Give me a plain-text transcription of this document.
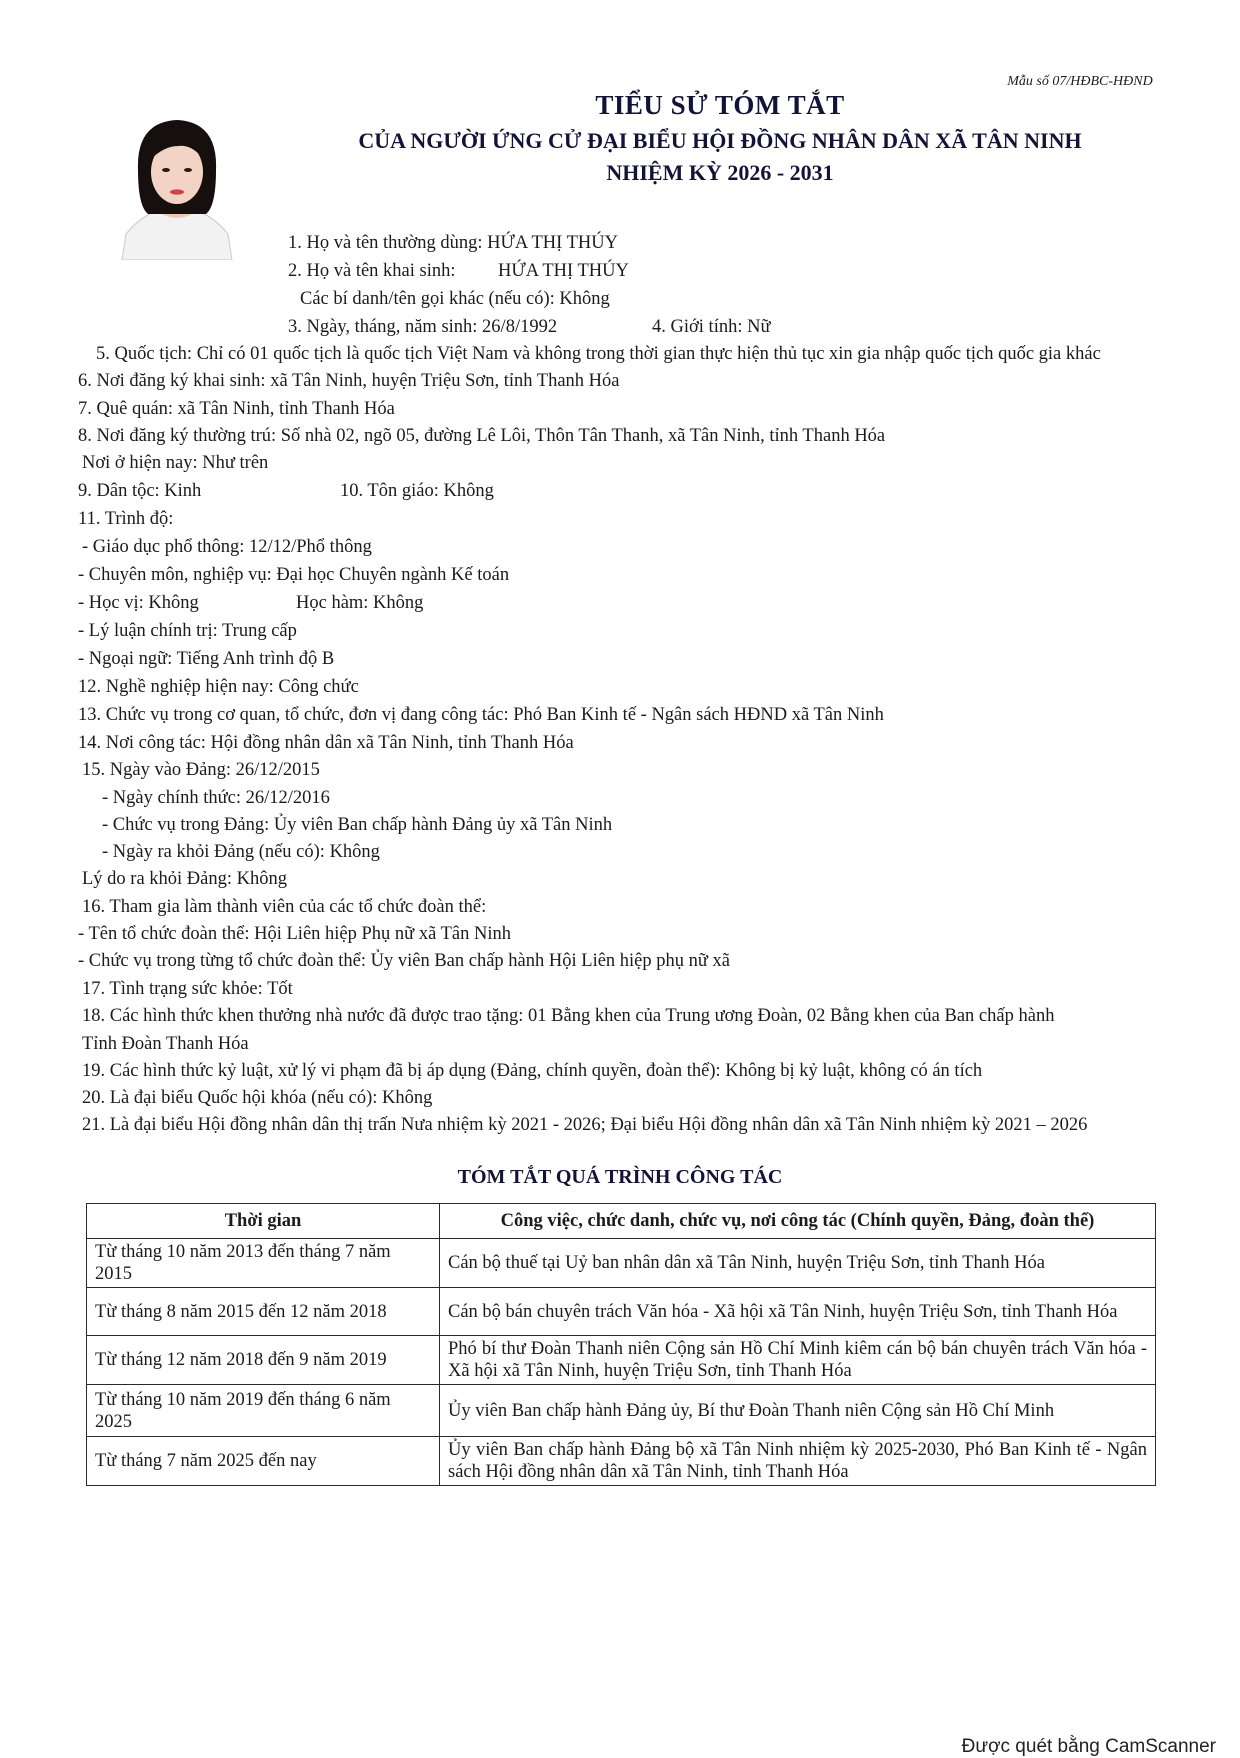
Mẫu số 07/HĐBC-HĐND
TIỂU SỬ TÓM TẮT
CỦA NGƯỜI ỨNG CỬ ĐẠI BIỂU HỘI ĐỒNG NHÂN DÂN XÃ TÂN NINH
NHIỆM KỲ 2026 - 2031
1. Họ và tên thường dùng: HỨA THỊ THÚY
2. Họ và tên khai sinh: HỨA THỊ THÚY
Các bí danh/tên gọi khác (nếu có): Không
3. Ngày, tháng, năm sinh: 26/8/1992	4. Giới tính: Nữ
5. Quốc tịch: Chỉ có 01 quốc tịch là quốc tịch Việt Nam và không trong thời gian thực hiện thủ tục xin gia nhập quốc tịch quốc gia khác
6. Nơi đăng ký khai sinh: xã Tân Ninh, huyện Triệu Sơn, tỉnh Thanh Hóa
7. Quê quán: xã Tân Ninh, tỉnh Thanh Hóa
8. Nơi đăng ký thường trú: Số nhà 02, ngõ 05, đường Lê Lôi, Thôn Tân Thanh, xã Tân Ninh, tỉnh Thanh Hóa
Nơi ở hiện nay: Như trên
9. Dân tộc: Kinh	10. Tôn giáo: Không
11. Trình độ:
- Giáo dục phổ thông: 12/12/Phổ thông
- Chuyên môn, nghiệp vụ: Đại học Chuyên ngành Kế toán
- Học vị: Không	Học hàm: Không
- Lý luận chính trị: Trung cấp
- Ngoại ngữ: Tiếng Anh trình độ B
12. Nghề nghiệp hiện nay: Công chức
13. Chức vụ trong cơ quan, tổ chức, đơn vị đang công tác: Phó Ban Kinh tế - Ngân sách HĐND xã Tân Ninh
14. Nơi công tác: Hội đồng nhân dân xã Tân Ninh, tỉnh Thanh Hóa
15. Ngày vào Đảng: 26/12/2015
- Ngày chính thức: 26/12/2016
- Chức vụ trong Đảng: Ủy viên Ban chấp hành Đảng ủy xã Tân Ninh
- Ngày ra khỏi Đảng (nếu có): Không
Lý do ra khỏi Đảng: Không
16. Tham gia làm thành viên của các tổ chức đoàn thể:
- Tên tổ chức đoàn thể: Hội Liên hiệp Phụ nữ xã Tân Ninh
- Chức vụ trong từng tổ chức đoàn thể: Ủy viên Ban chấp hành Hội Liên hiệp phụ nữ xã
17. Tình trạng sức khỏe: Tốt
18. Các hình thức khen thưởng nhà nước đã được trao tặng: 01 Bằng khen của Trung ương Đoàn, 02 Bằng khen của Ban chấp hành
Tỉnh Đoàn Thanh Hóa
19. Các hình thức kỷ luật, xử lý vi phạm đã bị áp dụng (Đảng, chính quyền, đoàn thể): Không bị kỷ luật, không có án tích
20. Là đại biểu Quốc hội khóa (nếu có): Không
21. Là đại biểu Hội đồng nhân dân thị trấn Nưa nhiệm kỳ 2021 - 2026; Đại biểu Hội đồng nhân dân xã Tân Ninh nhiệm kỳ 2021 – 2026
TÓM TẮT QUÁ TRÌNH CÔNG TÁC
Thời gian	Công việc, chức danh, chức vụ, nơi công tác (Chính quyền, Đảng, đoàn thể)
Từ tháng 10 năm 2013 đến tháng 7 năm 2015	Cán bộ thuế tại Uỷ ban nhân dân xã Tân Ninh, huyện Triệu Sơn, tỉnh Thanh Hóa
Từ tháng 8 năm 2015 đến 12 năm 2018	Cán bộ bán chuyên trách Văn hóa - Xã hội xã Tân Ninh, huyện Triệu Sơn, tỉnh Thanh Hóa
Từ tháng 12 năm 2018 đến 9 năm 2019	Phó bí thư Đoàn Thanh niên Cộng sản Hồ Chí Minh kiêm cán bộ bán chuyên trách Văn hóa - Xã hội xã Tân Ninh, huyện Triệu Sơn, tỉnh Thanh Hóa
Từ tháng 10 năm 2019 đến tháng 6 năm 2025	Ủy viên Ban chấp hành Đảng ủy, Bí thư Đoàn Thanh niên Cộng sản Hồ Chí Minh
Từ tháng 7 năm 2025 đến nay	Ủy viên Ban chấp hành Đảng bộ xã Tân Ninh nhiệm kỳ 2025-2030, Phó Ban Kinh tế - Ngân sách Hội đồng nhân dân xã Tân Ninh, tỉnh Thanh Hóa
Được quét bằng CamScanner
